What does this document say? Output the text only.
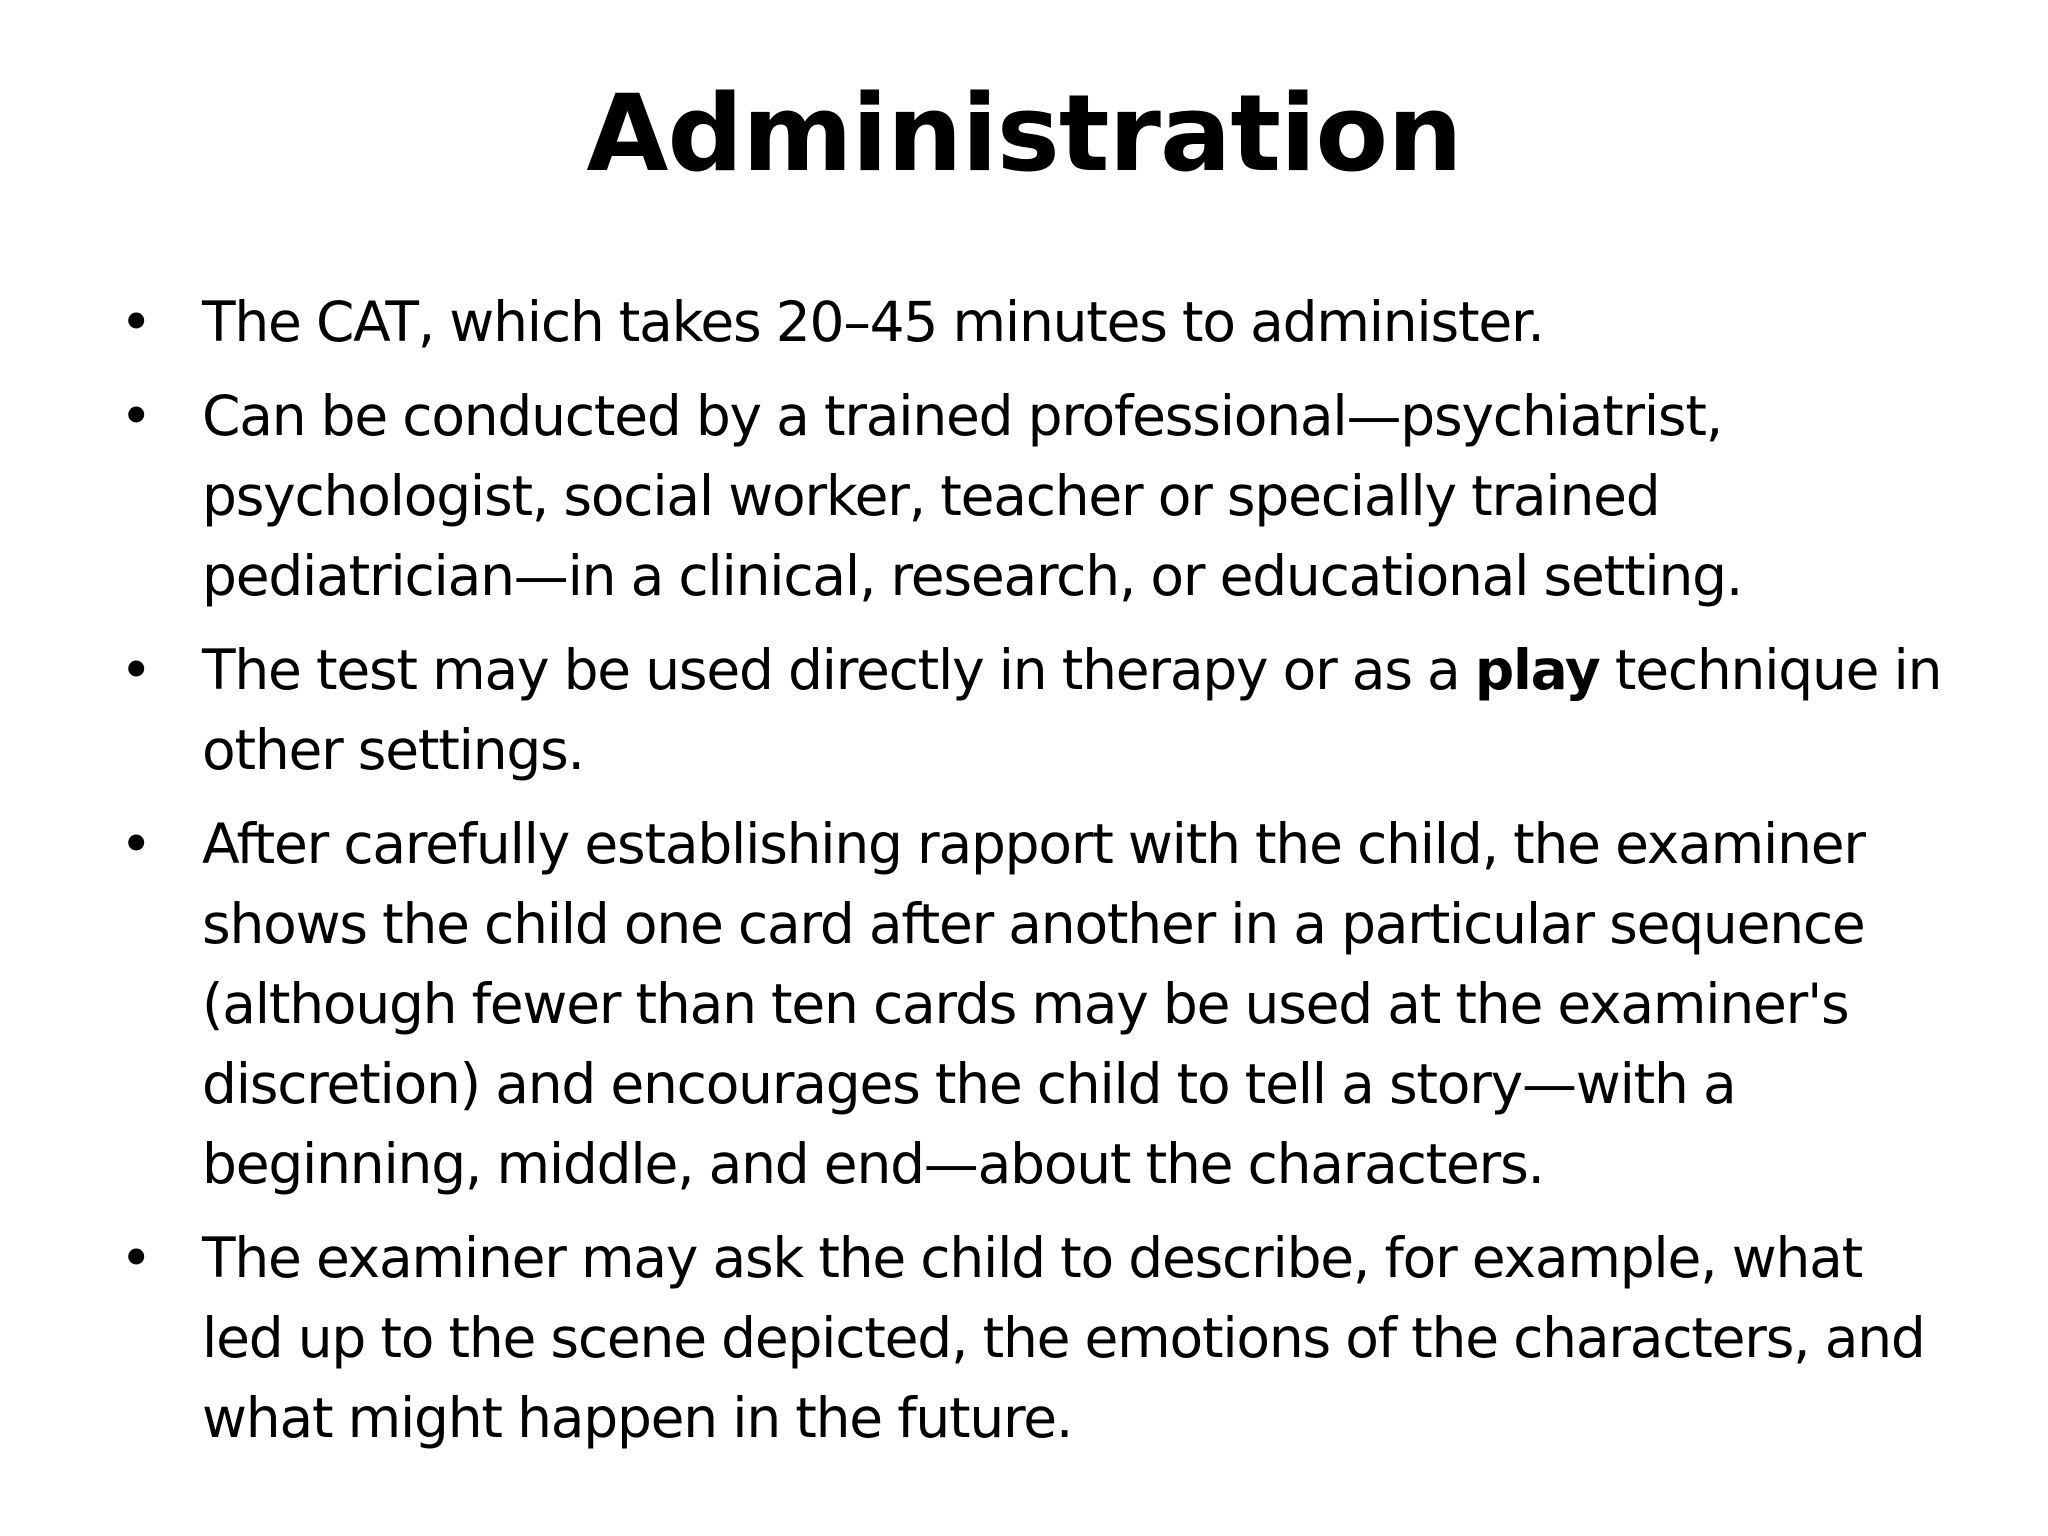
Administration
• The CAT, which takes 20–45 minutes to administer.
• Can be conducted by a trained professional—psychiatrist, psychologist, social worker, teacher or specially trained pediatrician—in a clinical, research, or educational setting.
• The test may be used directly in therapy or as a play technique in other settings.
• After carefully establishing rapport with the child, the examiner shows the child one card after another in a particular sequence (although fewer than ten cards may be used at the examiner's discretion) and encourages the child to tell a story—with a beginning, middle, and end—about the characters.
• The examiner may ask the child to describe, for example, what led up to the scene depicted, the emotions of the characters, and what might happen in the future.
